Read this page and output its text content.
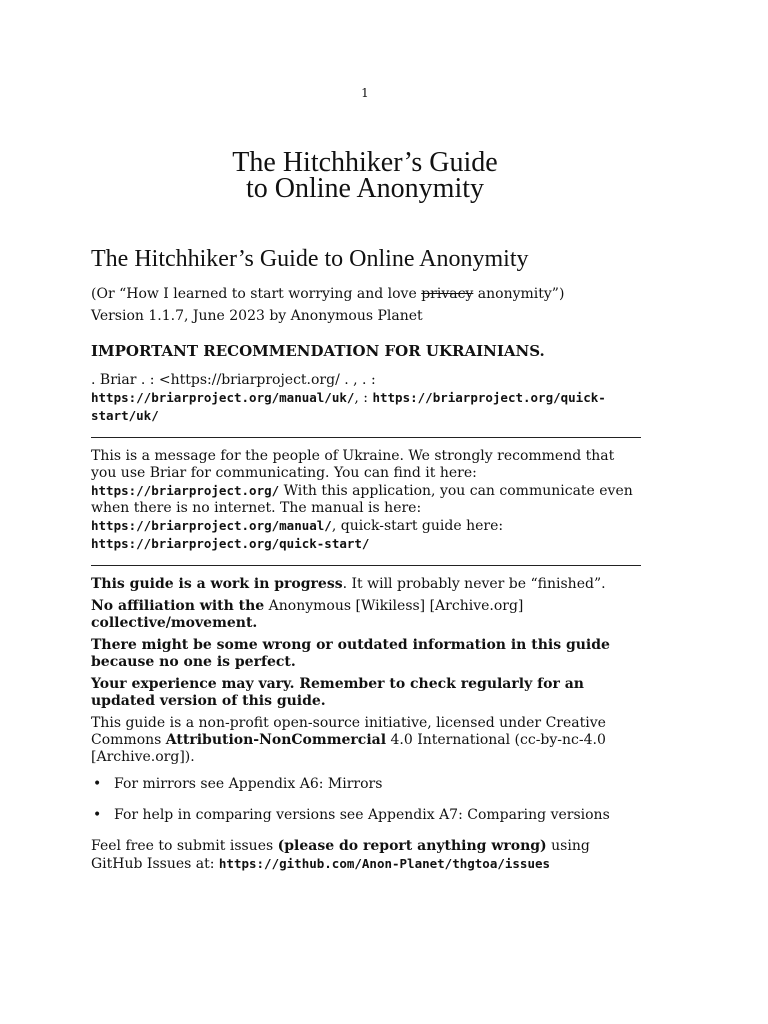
1
The Hitchhiker’s Guide
to Online Anonymity
The Hitchhiker’s Guide to Online Anonymity

(Or “How I learned to start worrying and love privacy anonymity”)

Version 1.1.7, June 2023 by Anonymous Planet

IMPORTANT RECOMMENDATION FOR UKRAINIANS.

. Briar . : <https://briarproject.org/ . , . : https://briarproject.org/manual/uk/, : https://briarproject.org/quick-start/uk/

This is a message for the people of Ukraine. We strongly recommend that you use Briar for communicating. You can find it here: https://briarproject.org/ With this application, you can communicate even when there is no internet. The manual is here: https://briarproject.org/manual/, quick-start guide here: https://briarproject.org/quick-start/

This guide is a work in progress. It will probably never be “finished”.

No affiliation with the Anonymous [Wikiless] [Archive.org] collective/movement.

There might be some wrong or outdated information in this guide because no one is perfect.

Your experience may vary. Remember to check regularly for an updated version of this guide.

This guide is a non-profit open-source initiative, licensed under Creative Commons Attribution-NonCommercial 4.0 International (cc-by-nc-4.0 [Archive.org]).

• For mirrors see Appendix A6: Mirrors
• For help in comparing versions see Appendix A7: Comparing versions

Feel free to submit issues (please do report anything wrong) using GitHub Issues at: https://github.com/Anon-Planet/thgtoa/issues
